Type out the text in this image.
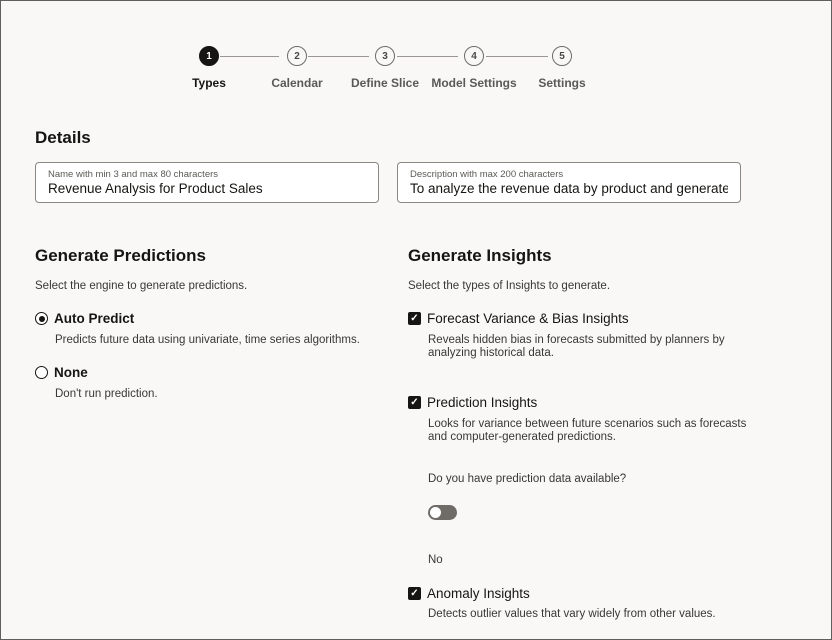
1
Types
2
Calendar
3
Define Slice
4
Model Settings
5
Settings
Details
Name with min 3 and max 80 characters
Revenue Analysis for Product Sales	Description with max 200 characters
To analyze the revenue data by product and generate all
Generate Predictions
Select the engine to generate predictions.
Auto Predict
Predicts future data using univariate, time series algorithms.
None
Don't run prediction.
Generate Insights
Select the types of Insights to generate.
✓ Forecast Variance & Bias Insights
Reveals hidden bias in forecasts submitted by planners by
analyzing historical data.
✓ Prediction Insights
Looks for variance between future scenarios such as forecasts
and computer-generated predictions.
Do you have prediction data available?
No
✓ Anomaly Insights
Detects outlier values that vary widely from other values.
